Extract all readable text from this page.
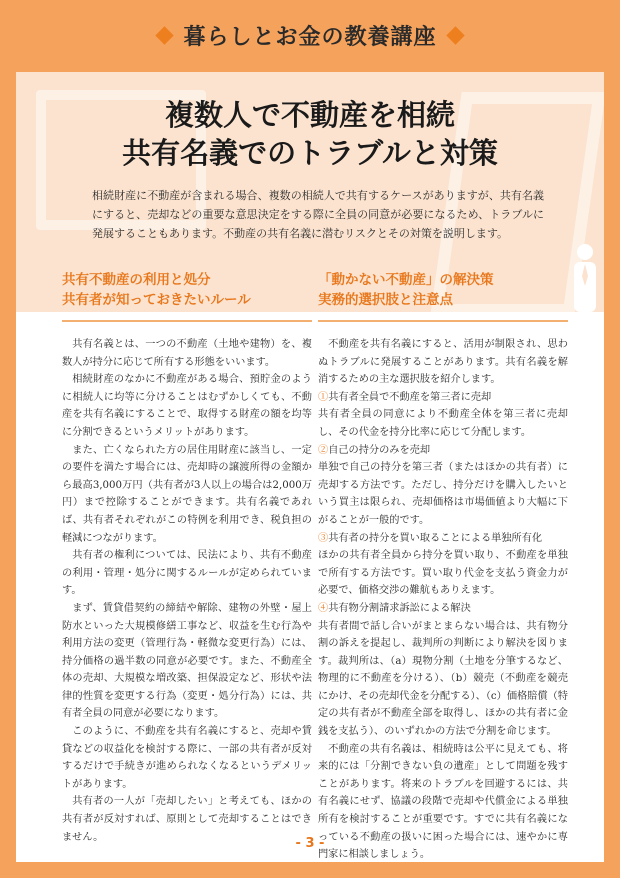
暮らしとお金の教養講座
複数人で不動産を相続
共有名義でのトラブルと対策
相続財産に不動産が含まれる場合、複数の相続人で共有するケースがありますが、共有名義にすると、売却などの重要な意思決定をする際に全員の同意が必要になるため、トラブルに発展することもあります。不動産の共有名義に潜むリスクとその対策を説明します。
共有不動産の利用と処分
共有者が知っておきたいルール

共有名義とは、一つの不動産（土地や建物）を、複数人が持分に応じて所有する形態をいいます。

相続財産のなかに不動産がある場合、預貯金のように相続人に均等に分けることはむずかしくても、不動産を共有名義にすることで、取得する財産の額を均等に分割できるというメリットがあります。

また、亡くなられた方の居住用財産に該当し、一定の要件を満たす場合には、売却時の譲渡所得の金額から最高3,000万円（共有者が3人以上の場合は2,000万円）まで控除することができます。共有名義であれば、共有者それぞれがこの特例を利用でき、税負担の軽減につながります。

共有者の権利については、民法により、共有不動産の利用・管理・処分に関するルールが定められています。

まず、賃貸借契約の締結や解除、建物の外壁・屋上防水といった大規模修繕工事など、収益を生む行為や利用方法の変更（管理行為・軽微な変更行為）には、持分価格の過半数の同意が必要です。また、不動産全体の売却、大規模な増改築、担保設定など、形状や法律的性質を変更する行為（変更・処分行為）には、共有者全員の同意が必要になります。

このように、不動産を共有名義にすると、売却や賃貸などの収益化を検討する際に、一部の共有者が反対するだけで手続きが進められなくなるというデメリットがあります。

共有者の一人が「売却したい」と考えても、ほかの共有者が反対すれば、原則として売却することはできません。

「動かない不動産」の解決策
実務的選択肢と注意点

不動産を共有名義にすると、活用が制限され、思わぬトラブルに発展することがあります。共有名義を解消するための主な選択肢を紹介します。

①共有者全員で不動産を第三者に売却

共有者全員の同意により不動産全体を第三者に売却し、その代金を持分比率に応じて分配します。

②自己の持分のみを売却

単独で自己の持分を第三者（またはほかの共有者）に売却する方法です。ただし、持分だけを購入したいという買主は限られ、売却価格は市場価値より大幅に下がることが一般的です。

③共有者の持分を買い取ることによる単独所有化

ほかの共有者全員から持分を買い取り、不動産を単独で所有する方法です。買い取り代金を支払う資金力が必要で、価格交渉の難航もありえます。

④共有物分割請求訴訟による解決

共有者間で話し合いがまとまらない場合は、共有物分割の訴えを提起し、裁判所の判断により解決を図ります。裁判所は、（a）現物分割（土地を分筆するなど、物理的に不動産を分ける）、（b）競売（不動産を競売にかけ、その売却代金を分配する）、（c）価格賠償（特定の共有者が不動産全部を取得し、ほかの共有者に金銭を支払う）、のいずれかの方法で分割を命じます。

不動産の共有名義は、相続時は公平に見えても、将来的には「分割できない負の遺産」として問題を残すことがあります。将来のトラブルを回避するには、共有名義にせず、協議の段階で売却や代償金による単独所有を検討することが重要です。すでに共有名義になっている不動産の扱いに困った場合には、速やかに専門家に相談しましょう。

- 3 -
